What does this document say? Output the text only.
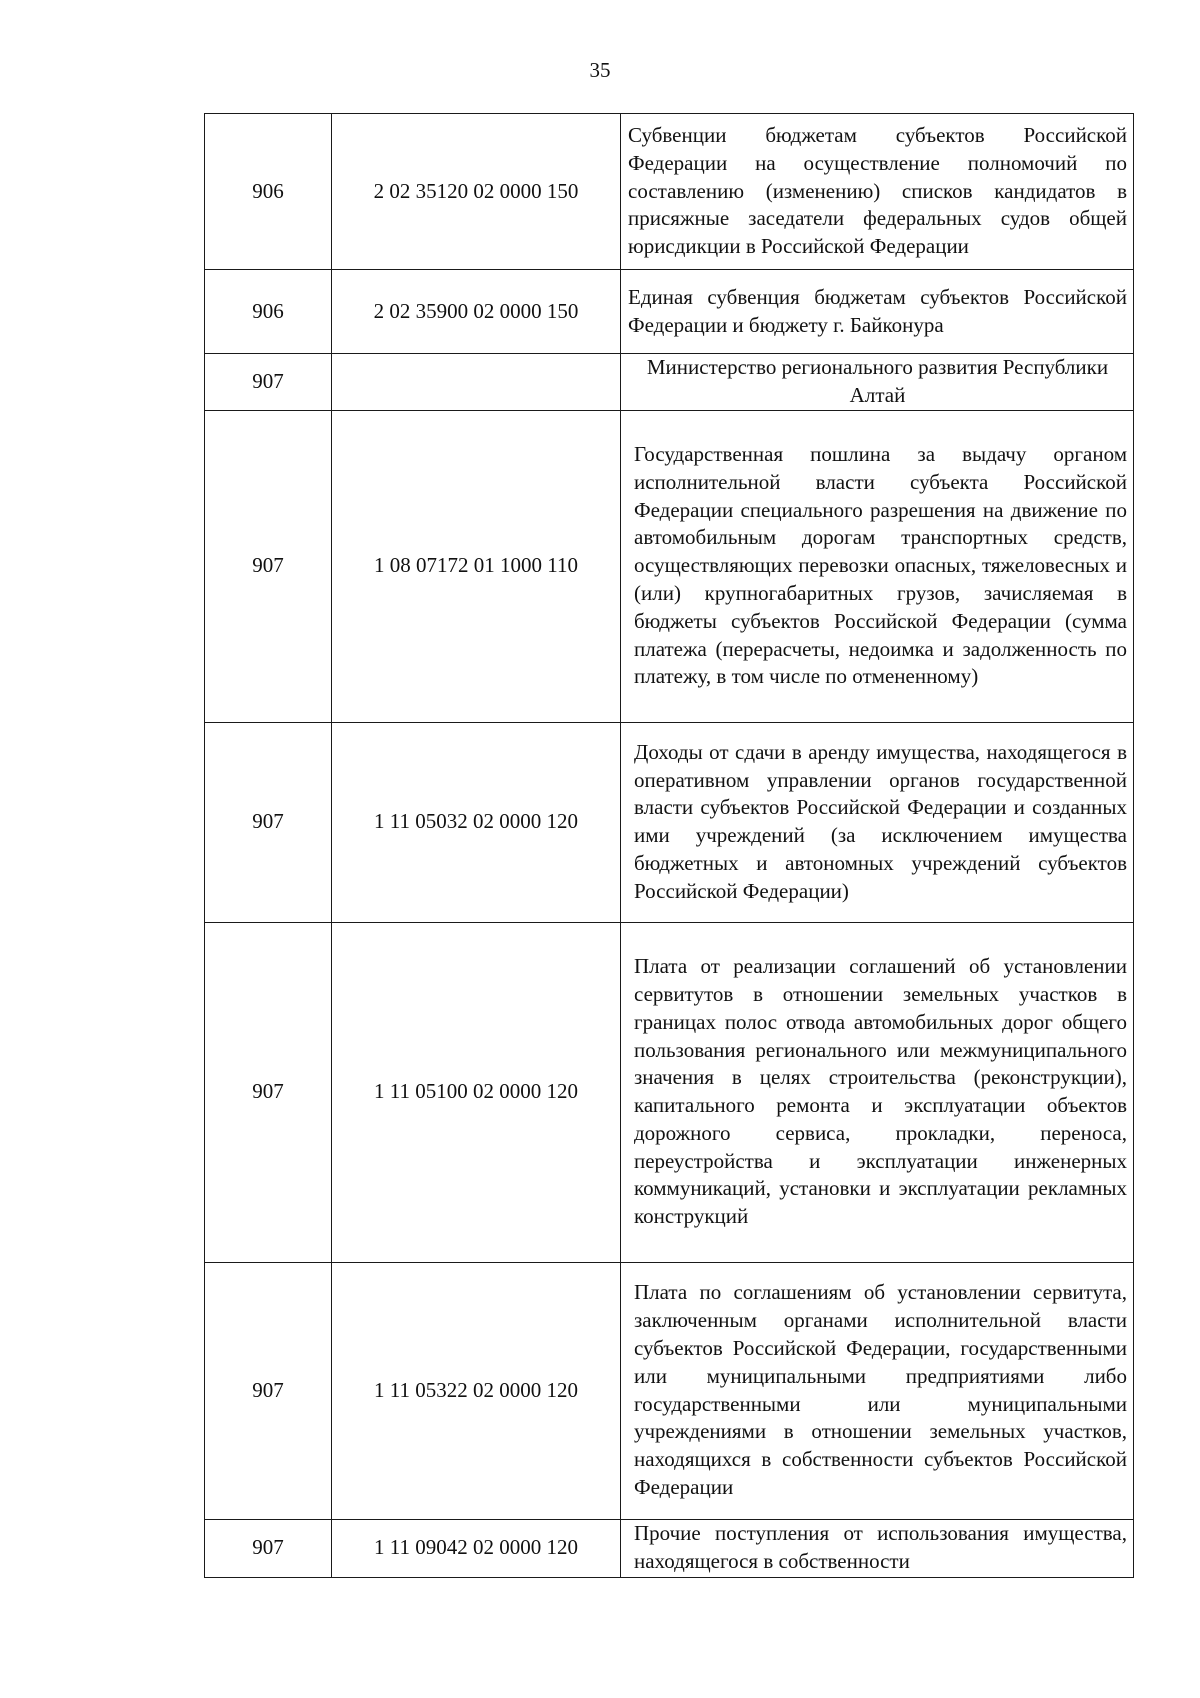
35
906	2 02 35120 02 0000 150	Субвенции бюджетам субъектов Российской Федерации на осуществление полномочий по составлению (изменению) списков кандидатов в присяжные заседатели федеральных судов общей юрисдикции в Российской Федерации
906	2 02 35900 02 0000 150	Единая субвенция бюджетам субъектов Российской Федерации и бюджету г. Байконура
907		Министерство регионального развития Республики Алтай
907	1 08 07172 01 1000 110	Государственная пошлина за выдачу органом исполнительной власти субъекта Российской Федерации специального разрешения на движение по автомобильным дорогам транспортных средств, осуществляющих перевозки опасных, тяжеловесных и (или) крупногабаритных грузов, зачисляемая в бюджеты субъектов Российской Федерации (сумма платежа (перерасчеты, недоимка и задолженность по платежу, в том числе по отмененному)
907	1 11 05032 02 0000 120	Доходы от сдачи в аренду имущества, находящегося в оперативном управлении органов государственной власти субъектов Российской Федерации и созданных ими учреждений (за исключением имущества бюджетных и автономных учреждений субъектов Российской Федерации)
907	1 11 05100 02 0000 120	Плата от реализации соглашений об установлении сервитутов в отношении земельных участков в границах полос отвода автомобильных дорог общего пользования регионального или межмуниципального значения в целях строительства (реконструкции), капитального ремонта и эксплуатации объектов дорожного сервиса, прокладки, переноса, переустройства и эксплуатации инженерных коммуникаций, установки и эксплуатации рекламных конструкций
907	1 11 05322 02 0000 120	Плата по соглашениям об установлении сервитута, заключенным органами исполнительной власти субъектов Российской Федерации, государственными или муниципальными предприятиями либо государственными или муниципальными учреждениями в отношении земельных участков, находящихся в собственности субъектов Российской Федерации
907	1 11 09042 02 0000 120	Прочие поступления от использования имущества, находящегося в собственности
